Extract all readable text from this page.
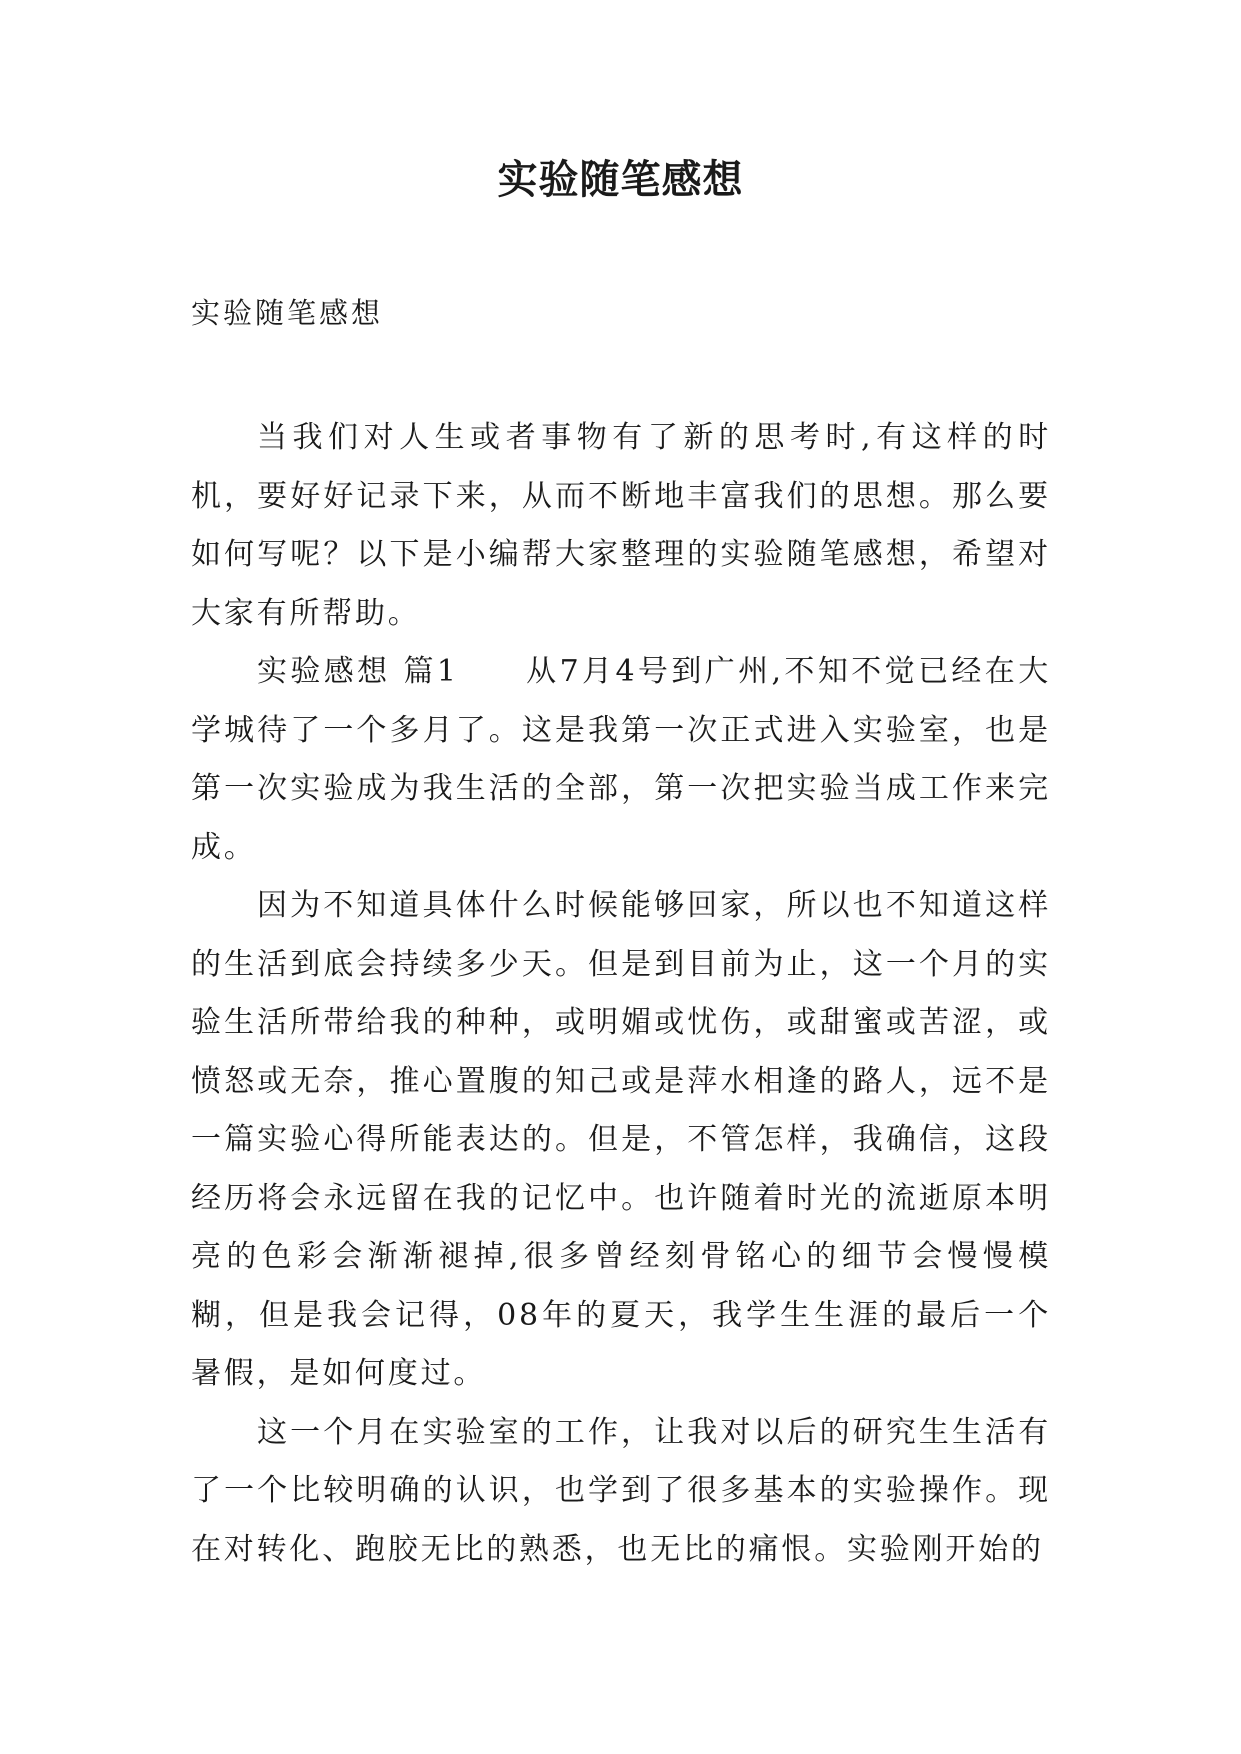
实验随笔感想

实验随笔感想

当我们对人生或者事物有了新的思考时,有这样的时机，要好好记录下来，从而不断地丰富我们的思想。那么要如何写呢？以下是小编帮大家整理的实验随笔感想，希望对大家有所帮助。

实验感想 篇1　　从7月4号到广州,不知不觉已经在大学城待了一个多月了。这是我第一次正式进入实验室，也是第一次实验成为我生活的全部，第一次把实验当成工作来完成。

因为不知道具体什么时候能够回家，所以也不知道这样的生活到底会持续多少天。但是到目前为止，这一个月的实验生活所带给我的种种，或明媚或忧伤，或甜蜜或苦涩，或愤怒或无奈，推心置腹的知己或是萍水相逢的路人，远不是一篇实验心得所能表达的。但是，不管怎样，我确信，这段经历将会永远留在我的记忆中。也许随着时光的流逝原本明亮的色彩会渐渐褪掉,很多曾经刻骨铭心的细节会慢慢模糊，但是我会记得，08年的夏天，我学生生涯的最后一个暑假，是如何度过。

这一个月在实验室的工作，让我对以后的研究生生活有了一个比较明确的认识，也学到了很多基本的实验操作。现在对转化、跑胶无比的熟悉，也无比的痛恨。实验刚开始的
